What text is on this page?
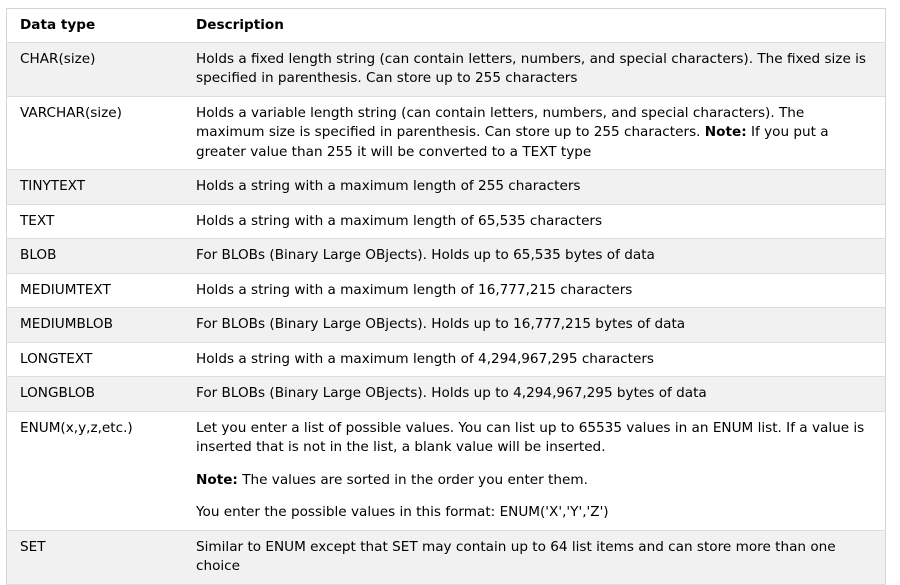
Data type	Description
CHAR(size)	Holds a fixed length string (can contain letters, numbers, and special characters). The fixed size is specified in parenthesis. Can store up to 255 characters

VARCHAR(size)	Holds a variable length string (can contain letters, numbers, and special characters). The maximum size is specified in parenthesis. Can store up to 255 characters. Note: If you put a greater value than 255 it will be converted to a TEXT type

TINYTEXT	Holds a string with a maximum length of 255 characters

TEXT	Holds a string with a maximum length of 65,535 characters

BLOB	For BLOBs (Binary Large OBjects). Holds up to 65,535 bytes of data

MEDIUMTEXT	Holds a string with a maximum length of 16,777,215 characters

MEDIUMBLOB	For BLOBs (Binary Large OBjects). Holds up to 16,777,215 bytes of data

LONGTEXT	Holds a string with a maximum length of 4,294,967,295 characters

LONGBLOB	For BLOBs (Binary Large OBjects). Holds up to 4,294,967,295 bytes of data

ENUM(x,y,z,etc.)	Let you enter a list of possible values. You can list up to 65535 values in an ENUM list. If a value is inserted that is not in the list, a blank value will be inserted.
Note: The values are sorted in the order you enter them.
You enter the possible values in this format: ENUM('X','Y','Z')

SET	Similar to ENUM except that SET may contain up to 64 list items and can store more than one choice
